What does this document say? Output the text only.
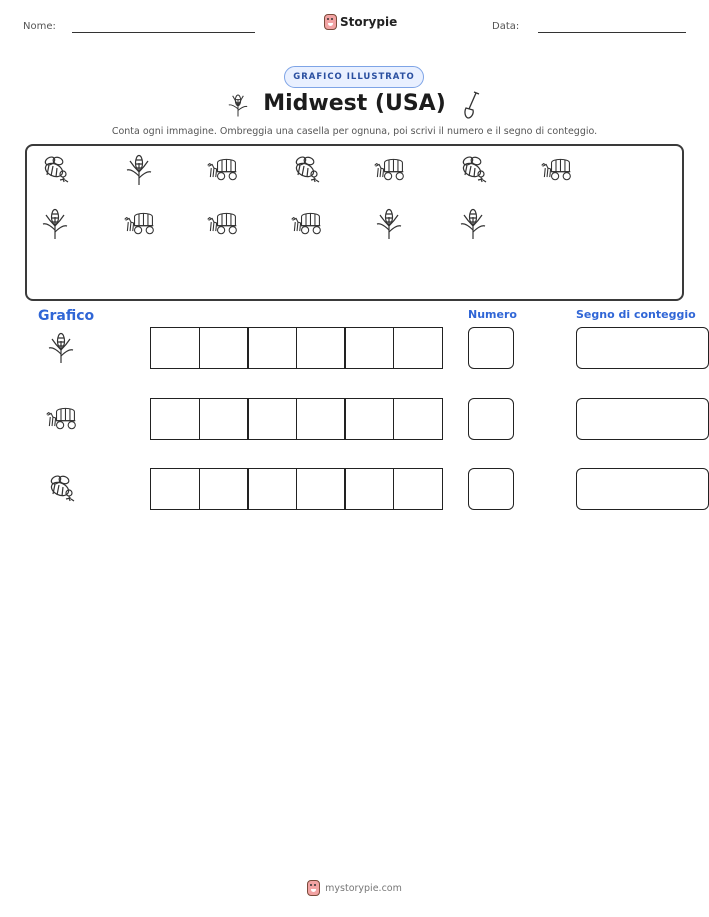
Nome:	Storypie	Data:
GRAFICO ILLUSTRATO
Midwest (USA)
Conta ogni immagine. Ombreggia una casella per ognuna, poi scrivi il numero e il segno di conteggio.
Grafico	Numero	Segno di conteggio
mystorypie.com
